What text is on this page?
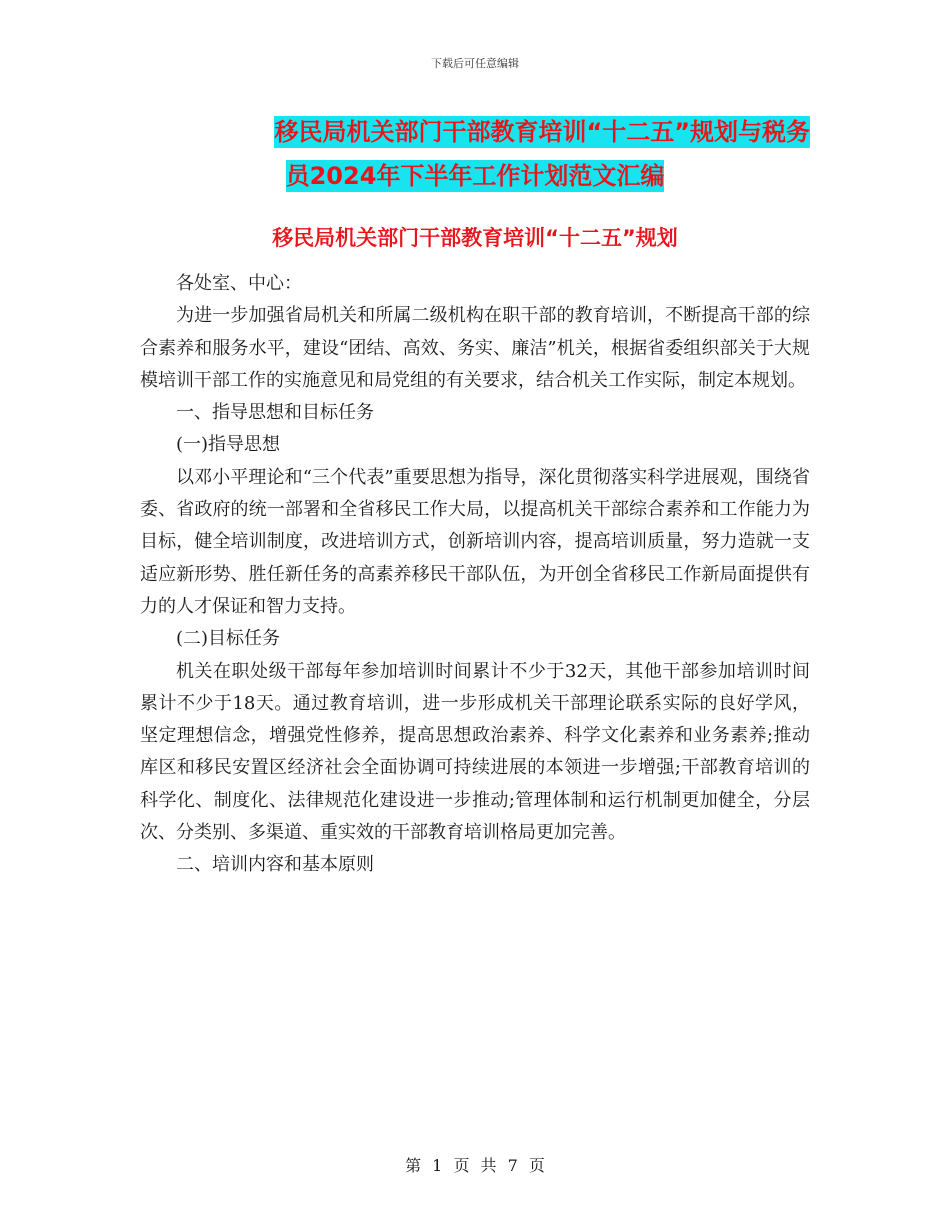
下载后可任意编辑
移民局机关部门干部教育培训“十二五”规划与税务
员2024年下半年工作计划范文汇编
移民局机关部门干部教育培训“十二五”规划

各处室、中心：

为进一步加强省局机关和所属二级机构在职干部的教育培训，不断提高干部的综合素养和服务水平，建设“团结、高效、务实、廉洁”机关，根据省委组织部关于大规模培训干部工作的实施意见和局党组的有关要求，结合机关工作实际，制定本规划。

一、指导思想和目标任务

(一)指导思想

以邓小平理论和“三个代表”重要思想为指导，深化贯彻落实科学进展观，围绕省委、省政府的统一部署和全省移民工作大局，以提高机关干部综合素养和工作能力为目标，健全培训制度，改进培训方式，创新培训内容，提高培训质量，努力造就一支适应新形势、胜任新任务的高素养移民干部队伍，为开创全省移民工作新局面提供有力的人才保证和智力支持。

(二)目标任务

机关在职处级干部每年参加培训时间累计不少于32天，其他干部参加培训时间累计不少于18天。通过教育培训，进一步形成机关干部理论联系实际的良好学风，坚定理想信念，增强党性修养，提高思想政治素养、科学文化素养和业务素养;推动库区和移民安置区经济社会全面协调可持续进展的本领进一步增强;干部教育培训的科学化、制度化、法律规范化建设进一步推动;管理体制和运行机制更加健全，分层次、分类别、多渠道、重实效的干部教育培训格局更加完善。

二、培训内容和基本原则

第 1 页 共 7 页
